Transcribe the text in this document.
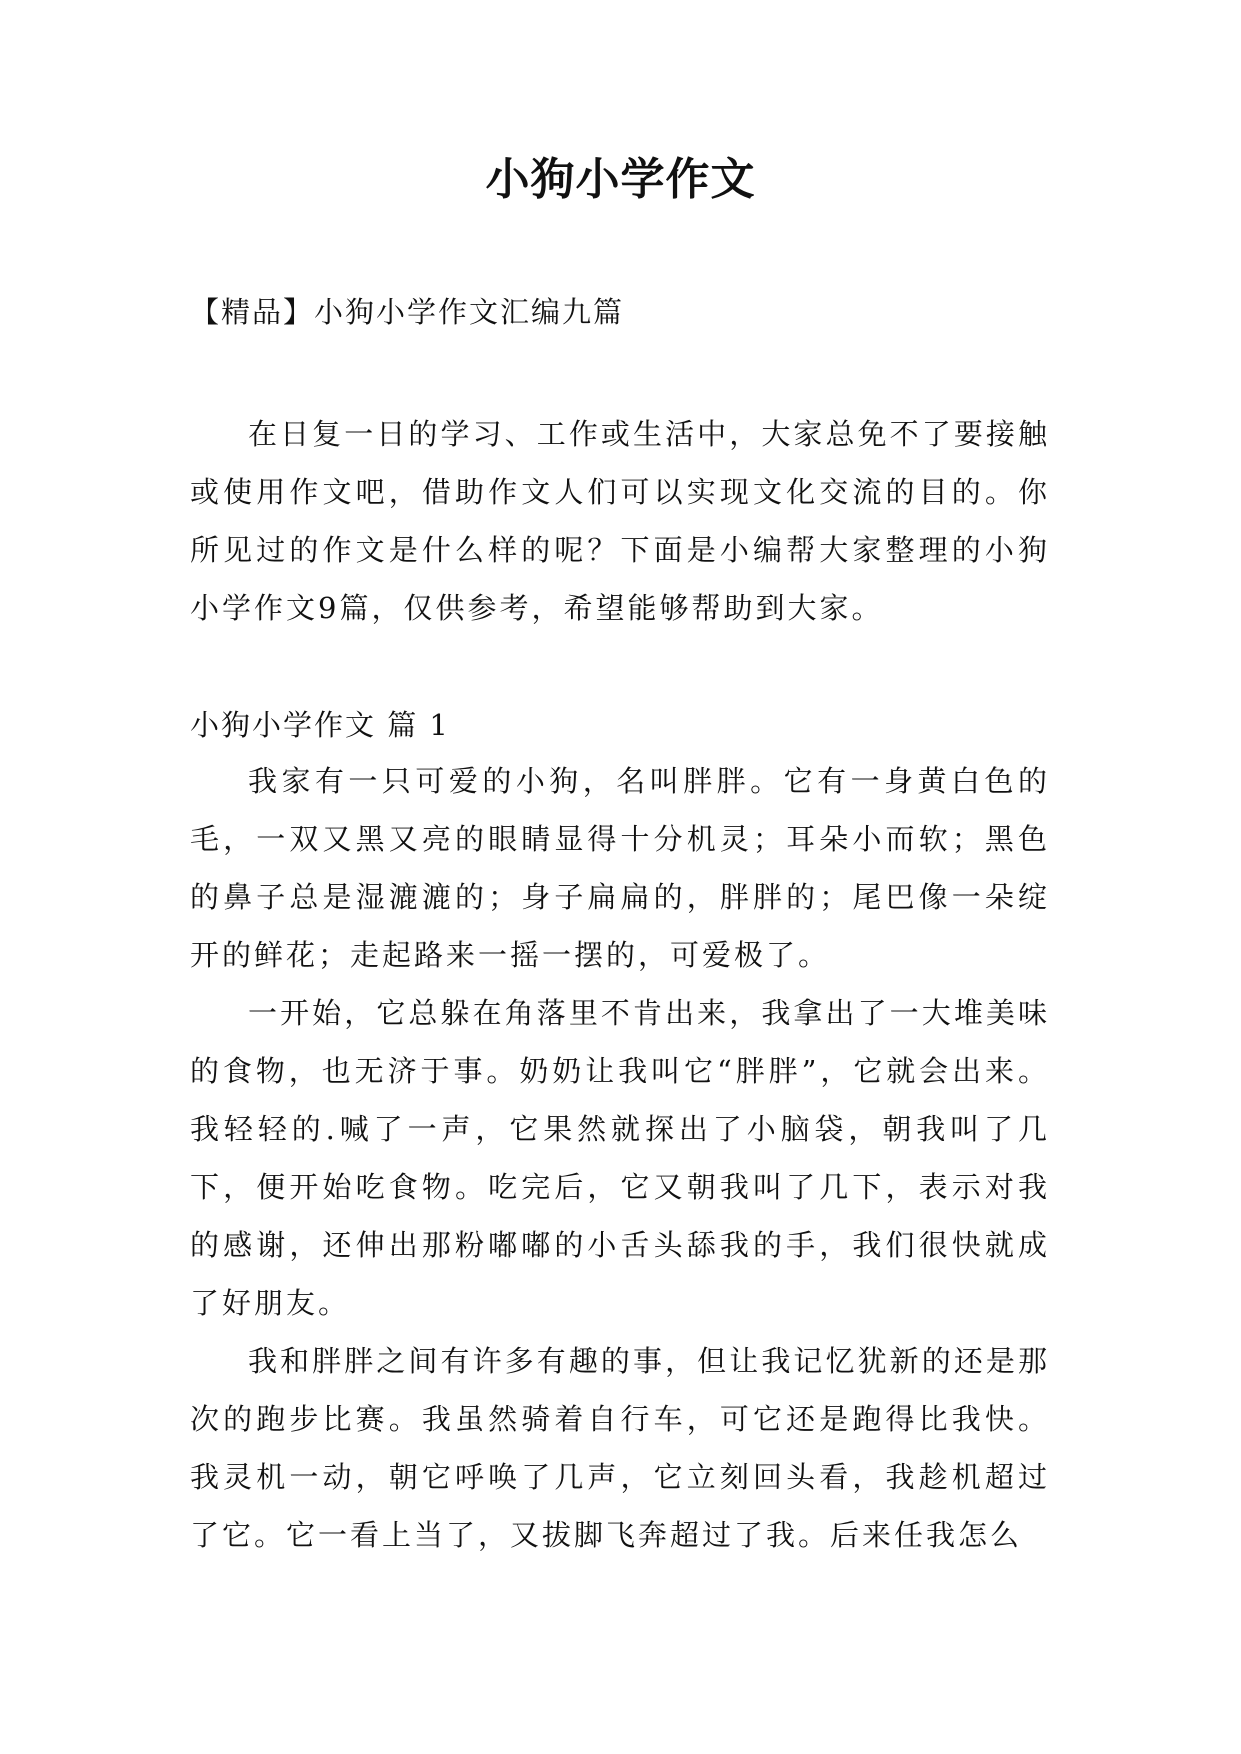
小狗小学作文
【精品】小狗小学作文汇编九篇

在日复一日的学习、工作或生活中，大家总免不了要接触或使用作文吧，借助作文人们可以实现文化交流的目的。你所见过的作文是什么样的呢？下面是小编帮大家整理的小狗小学作文9篇，仅供参考，希望能够帮助到大家。

小狗小学作文 篇 1

我家有一只可爱的小狗，名叫胖胖。它有一身黄白色的毛，一双又黑又亮的眼睛显得十分机灵；耳朵小而软；黑色的鼻子总是湿漉漉的；身子扁扁的，胖胖的；尾巴像一朵绽开的鲜花；走起路来一摇一摆的，可爱极了。

一开始，它总躲在角落里不肯出来，我拿出了一大堆美味的食物，也无济于事。奶奶让我叫它“胖胖”，它就会出来。我轻轻的.喊了一声，它果然就探出了小脑袋，朝我叫了几下，便开始吃食物。吃完后，它又朝我叫了几下，表示对我的感谢，还伸出那粉嘟嘟的小舌头舔我的手，我们很快就成了好朋友。

我和胖胖之间有许多有趣的事，但让我记忆犹新的还是那次的跑步比赛。我虽然骑着自行车，可它还是跑得比我快。我灵机一动，朝它呼唤了几声，它立刻回头看，我趁机超过了它。它一看上当了，又拔脚飞奔超过了我。后来任我怎么
